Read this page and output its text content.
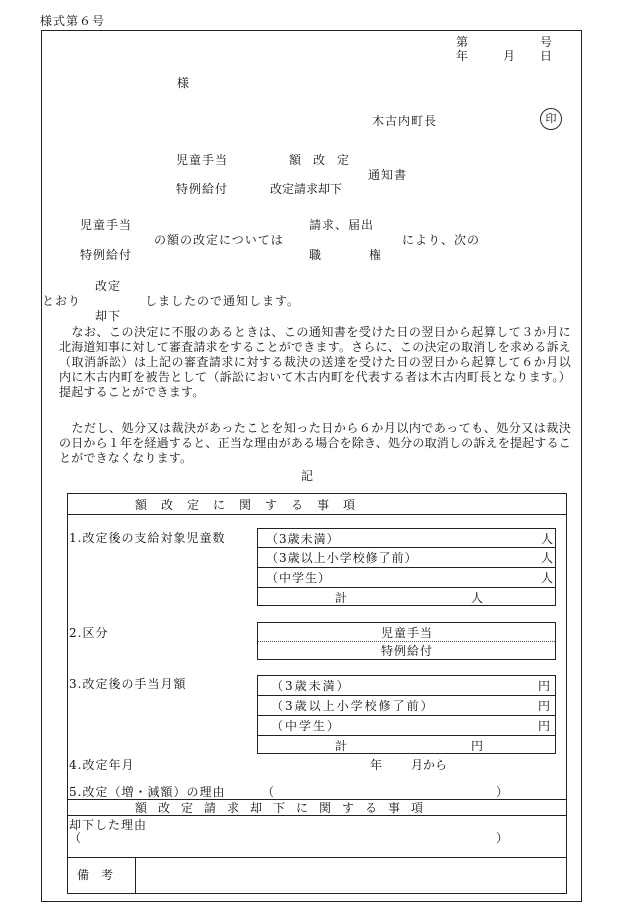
様式第６号
第	号
年	月 日
様
木古内町長	印
児童手当	額　改　定
通知書
特例給付	改定請求却下
児童手当	請求、届出
の額の改定については	により、次の
特例給付	職　　　　権
改定
とおり	しましたので通知します。
却下
　なお、この決定に不服のあるときは、この通知書を受けた日の翌日から起算して３か月に北海道知事に対して審査請求をすることができます。さらに、この決定の取消しを求める訴え（取消訴訟）は上記の審査請求に対する裁決の送達を受けた日の翌日から起算して６か月以内に木古内町を被告として（訴訟において木古内町を代表する者は木古内町長となります。）提起することができます。
　ただし、処分又は裁決があったことを知った日から６か月以内であっても、処分又は裁決の日から１年を経過すると、正当な理由がある場合を除き、処分の取消しの訴えを提起することができなくなります。
記
額改定に関する事項
1.改定後の支給対象児童数	（3歳未満）	人
（3歳以上小学校修了前）	人
（中学生）	人
計	人
2.区分	児童手当
特例給付
3.改定後の手当月額	（3歳未満）	円
（3歳以上小学校修了前）	円
（中学生）	円
計	円
4.改定年月	年 月から
5.改定（増・減額）の理由	（	）
額改定請求却下に関する事項
却下した理由
（	）
備　考
